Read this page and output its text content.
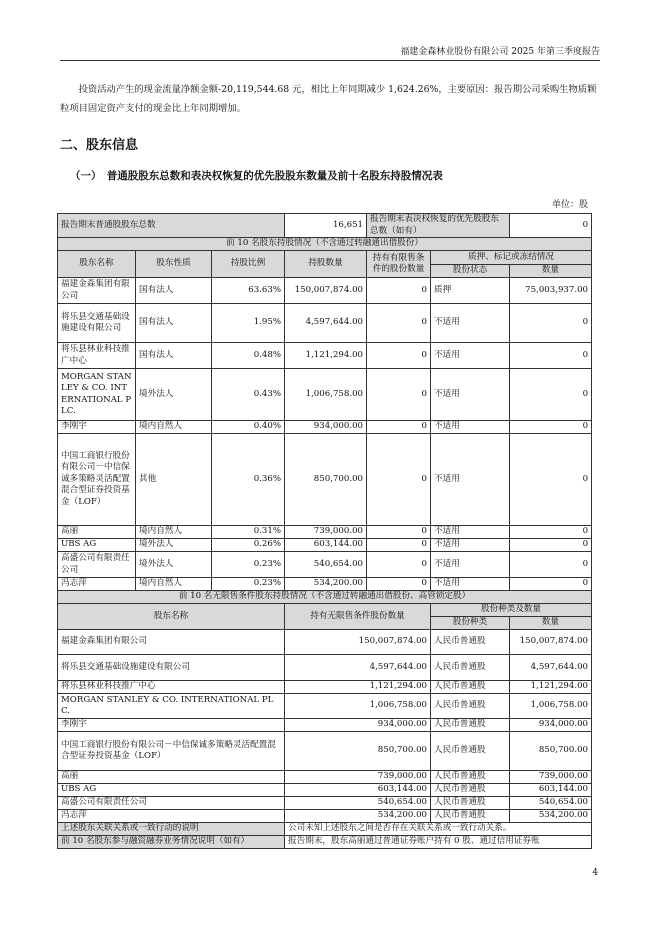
福建金森林业股份有限公司 2025 年第三季度报告
投资活动产生的现金流量净额金额-20,119,544.68 元，相比上年同期减少 1,624.26%，主要原因：报告期公司采购生物质颗粒项目固定资产支付的现金比上年同期增加。
二、股东信息
（一）　普通股股东总数和表决权恢复的优先股股东数量及前十名股东持股情况表
单位：股
报告期末普通股股东总数			16,651	报告期末表决权恢复的优先股股东总数（如有）		0
前 10 名股东持股情况（不含通过转融通出借股份）						
股东名称	股东性质	持股比例	持股数量	持有有限售条件的股份数量	质押、标记或冻结情况	
					股份状态	数量
福建金森集团有限公司	国有法人	63.63%	150,007,874.00	0	质押	75,003,937.00
将乐县交通基础设施建设有限公司	国有法人	1.95%	4,597,644.00	0	不适用	0
将乐县林业科技推广中心	国有法人	0.48%	1,121,294.00	0	不适用	0
MORGAN STANLEY & CO. INTERNATIONAL PLC.	境外法人	0.43%	1,006,758.00	0	不适用	0
李刚宇	境内自然人	0.40%	934,000.00	0	不适用	0
中国工商银行股份有限公司－中信保诚多策略灵活配置混合型证券投资基金（LOF）	其他	0.36%	850,700.00	0	不适用	0
高丽	境内自然人	0.31%	739,000.00	0	不适用	0
UBS AG	境外法人	0.26%	603,144.00	0	不适用	0
高盛公司有限责任公司	境外法人	0.23%	540,654.00	0	不适用	0
冯志萍	境内自然人	0.23%	534,200.00	0	不适用	0
前 10 名无限售条件股东持股情况（不含通过转融通出借股份、高管锁定股）						
股东名称			持有无限售条件股份数量		股份种类及数量	
					股份种类	数量
福建金森集团有限公司			150,007,874.00		人民币普通股	150,007,874.00
将乐县交通基础设施建设有限公司			4,597,644.00		人民币普通股	4,597,644.00
将乐县林业科技推广中心			1,121,294.00		人民币普通股	1,121,294.00
MORGAN STANLEY & CO. INTERNATIONAL PLC.			1,006,758.00		人民币普通股	1,006,758.00
李刚宇			934,000.00		人民币普通股	934,000.00
中国工商银行股份有限公司－中信保诚多策略灵活配置混合型证券投资基金（LOF）			850,700.00		人民币普通股	850,700.00
高丽			739,000.00		人民币普通股	739,000.00
UBS AG			603,144.00		人民币普通股	603,144.00
高盛公司有限责任公司			540,654.00		人民币普通股	540,654.00
冯志萍			534,200.00		人民币普通股	534,200.00
上述股东关联关系或一致行动的说明			公司未知上述股东之间是否存在关联关系或一致行动关系。			
前 10 名股东参与融资融券业务情况说明（如有）			报告期末，股东高丽通过普通证券账户持有 0 股、通过信用证券账			
4
